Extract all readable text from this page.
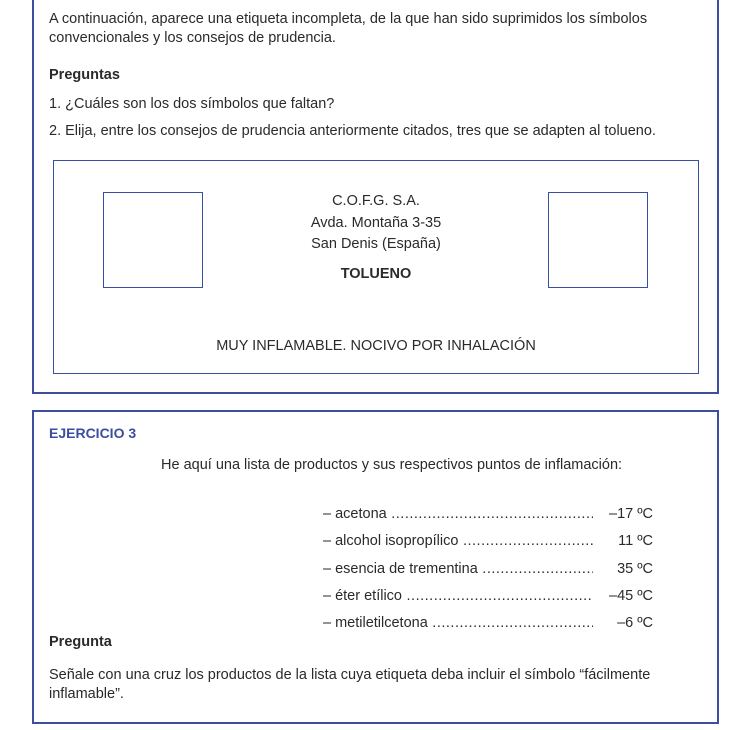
A continuación, aparece una etiqueta incompleta, de la que han sido suprimidos los símbolos convencionales y los consejos de prudencia.
Preguntas
1. ¿Cuáles son los dos símbolos que faltan?
2. Elija, entre los consejos de prudencia anteriormente citados, tres que se adapten al tolueno.
C.O.F.G. S.A.
Avda. Montaña 3-35
San Denis (España)
TOLUENO
MUY INFLAMABLE. NOCIVO POR INHALACIÓN
EJERCICIO 3
He aquí una lista de productos y sus respectivos puntos de inflamación:
– acetona .....	–17 ºC
– alcohol isopropílico .....	11 ºC
– esencia de trementina .....	35 ºC
– éter etílico .....	–45 ºC
– metiletilcetona .....	–6 ºC
Pregunta
Señale con una cruz los productos de la lista cuya etiqueta deba incluir el símbolo “fácilmente inflamable”.
